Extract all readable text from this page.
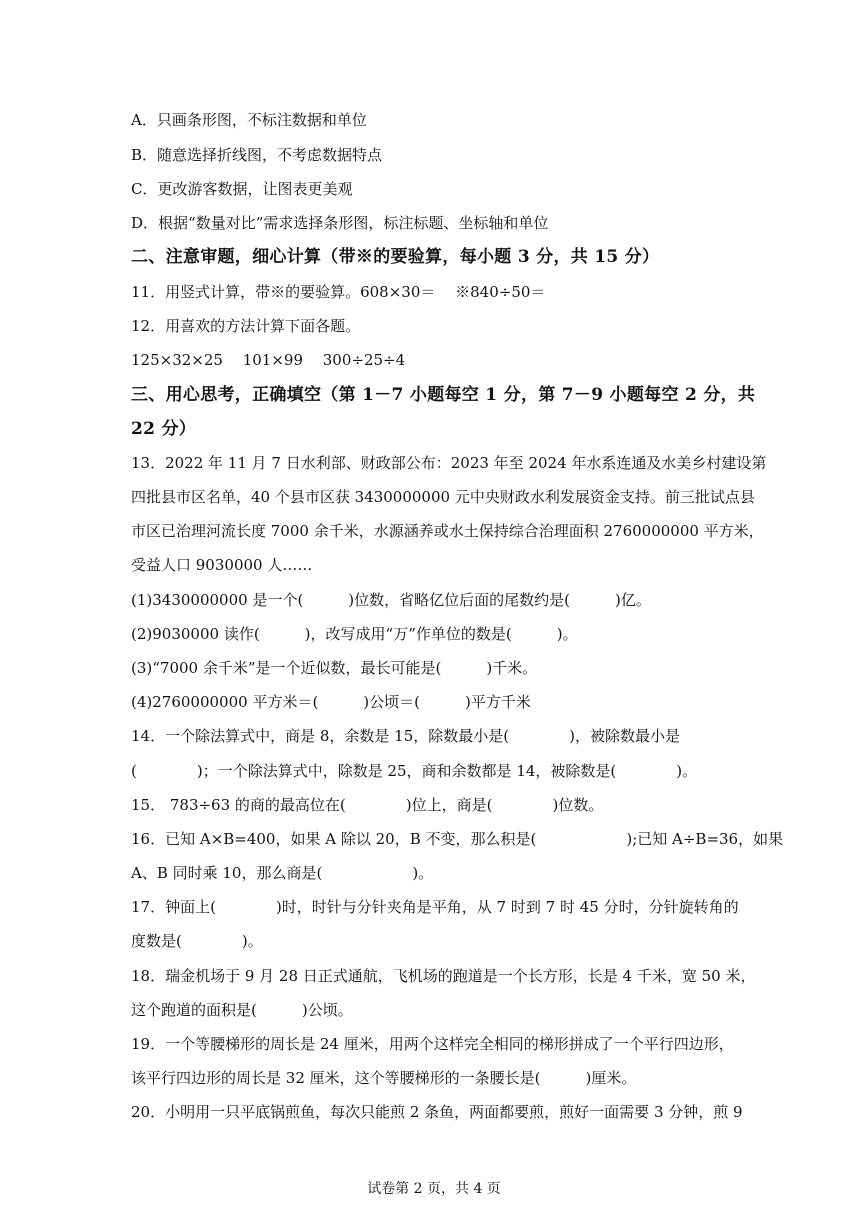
A．只画条形图，不标注数据和单位

B．随意选择折线图，不考虑数据特点

C．更改游客数据，让图表更美观

D．根据“数量对比”需求选择条形图，标注标题、坐标轴和单位

二、注意审题，细心计算（带※的要验算，每小题 3 分，共 15 分）

11．用竖式计算，带※的要验算。608×30＝　 ※840÷50＝

12．用喜欢的方法计算下面各题。

125×32×25　 101×99　 300÷25÷4

三、用心思考，正确填空（第 1－7 小题每空 1 分，第 7－9 小题每空 2 分，共

22 分）

13．2022 年 11 月 7 日水利部、财政部公布：2023 年至 2024 年水系连通及水美乡村建设第

四批县市区名单，40 个县市区获 3430000000 元中央财政水利发展资金支持。前三批试点县

市区已治理河流长度 7000 余千米，水源涵养或水土保持综合治理面积 2760000000 平方米，

受益人口 9030000 人……

(1)3430000000 是一个(　　　)位数，省略亿位后面的尾数约是(　　　)亿。

(2)9030000 读作(　　　)，改写成用“万”作单位的数是(　　　)。

(3)“7000 余千米”是一个近似数，最长可能是(　　　)千米。

(4)2760000000 平方米＝(　　　)公顷＝(　　　)平方千米

14．一个除法算式中，商是 8，余数是 15，除数最小是(　　　　)，被除数最小是

(　　　　)；一个除法算式中，除数是 25，商和余数都是 14，被除数是(　　　　)。

15． 783÷63 的商的最高位在(　　　　)位上，商是(　　　　)位数。

16．已知 A×B=400，如果 A 除以 20，B 不变，那么积是(　　　　　　);已知 A÷B=36，如果

A、B 同时乘 10，那么商是(　　　　　　)。

17．钟面上(　　　　)时，时针与分针夹角是平角，从 7 时到 7 时 45 分时，分针旋转角的

度数是(　　　　)。

18．瑞金机场于 9 月 28 日正式通航，飞机场的跑道是一个长方形，长是 4 千米，宽 50 米，

这个跑道的面积是(　　　)公顷。

19．一个等腰梯形的周长是 24 厘米，用两个这样完全相同的梯形拼成了一个平行四边形，

该平行四边形的周长是 32 厘米，这个等腰梯形的一条腰长是(　　　)厘米。

20．小明用一只平底锅煎鱼，每次只能煎 2 条鱼，两面都要煎，煎好一面需要 3 分钟，煎 9

试卷第 2 页，共 4 页
